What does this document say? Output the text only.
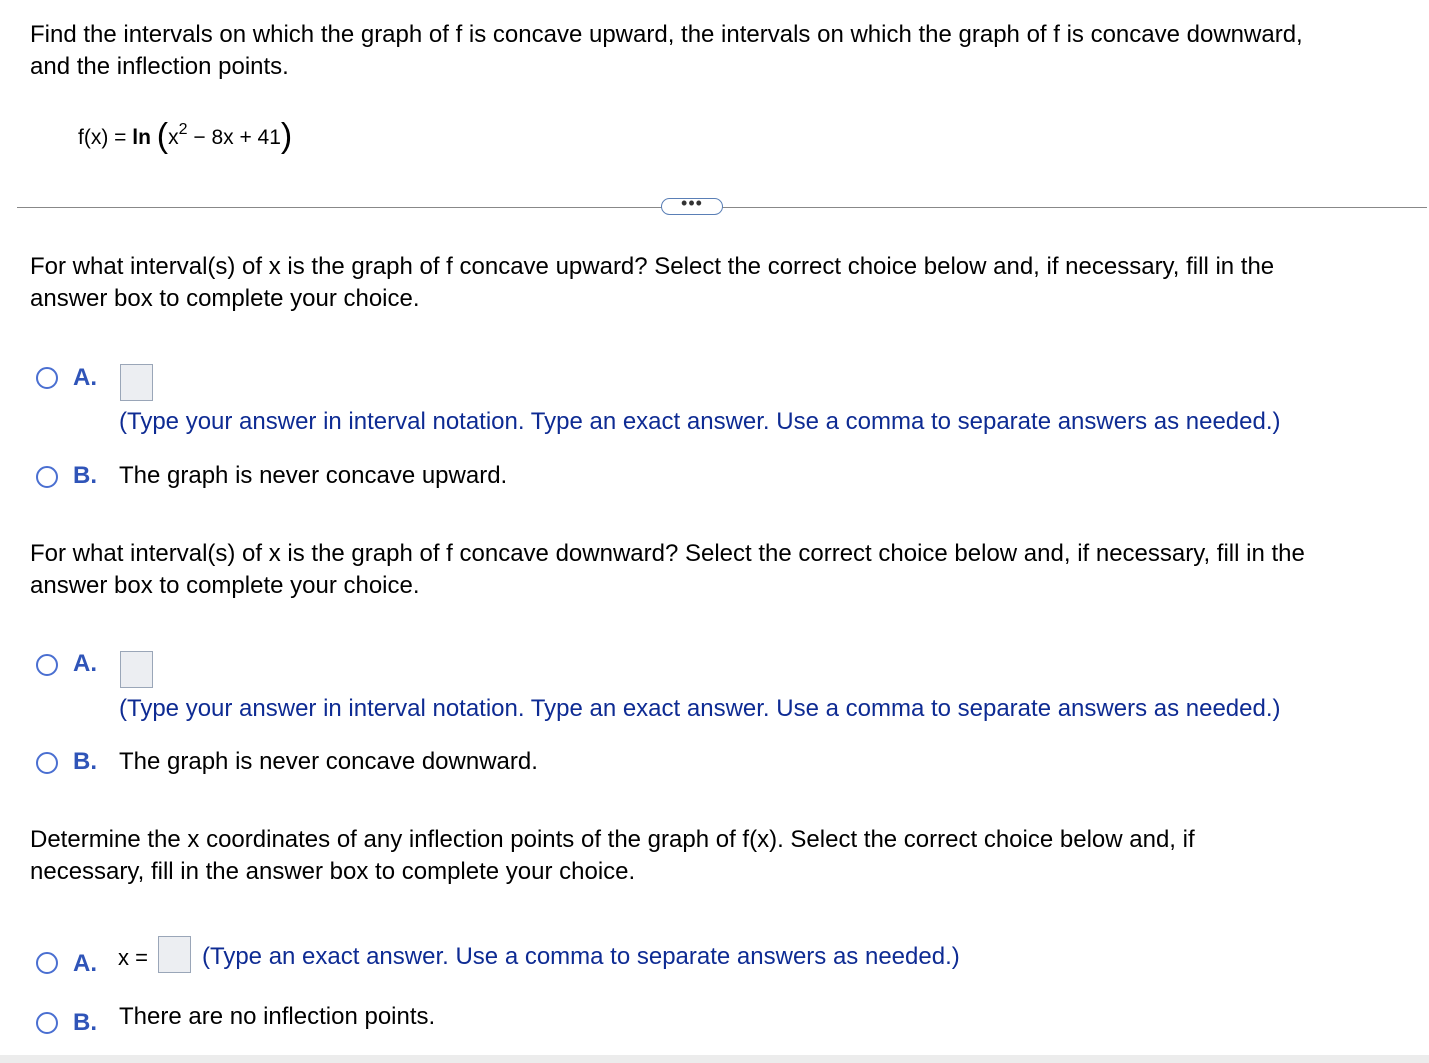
Find the intervals on which the graph of f is concave upward, the intervals on which the graph of f is concave downward,
and the inflection points.
$f(x) = \ln (x^2 - 8x + 41)$
•••
For what interval(s) of x is the graph of f concave upward? Select the correct choice below and, if necessary, fill in the
answer box to complete your choice.
A.
(Type your answer in interval notation. Type an exact answer. Use a comma to separate answers as needed.)
B. The graph is never concave upward.
For what interval(s) of x is the graph of f concave downward? Select the correct choice below and, if necessary, fill in the
answer box to complete your choice.
A.
(Type your answer in interval notation. Type an exact answer. Use a comma to separate answers as needed.)
B. The graph is never concave downward.
Determine the x coordinates of any inflection points of the graph of f(x). Select the correct choice below and, if
necessary, fill in the answer box to complete your choice.
A. x = (Type an exact answer. Use a comma to separate answers as needed.)
B. There are no inflection points.
